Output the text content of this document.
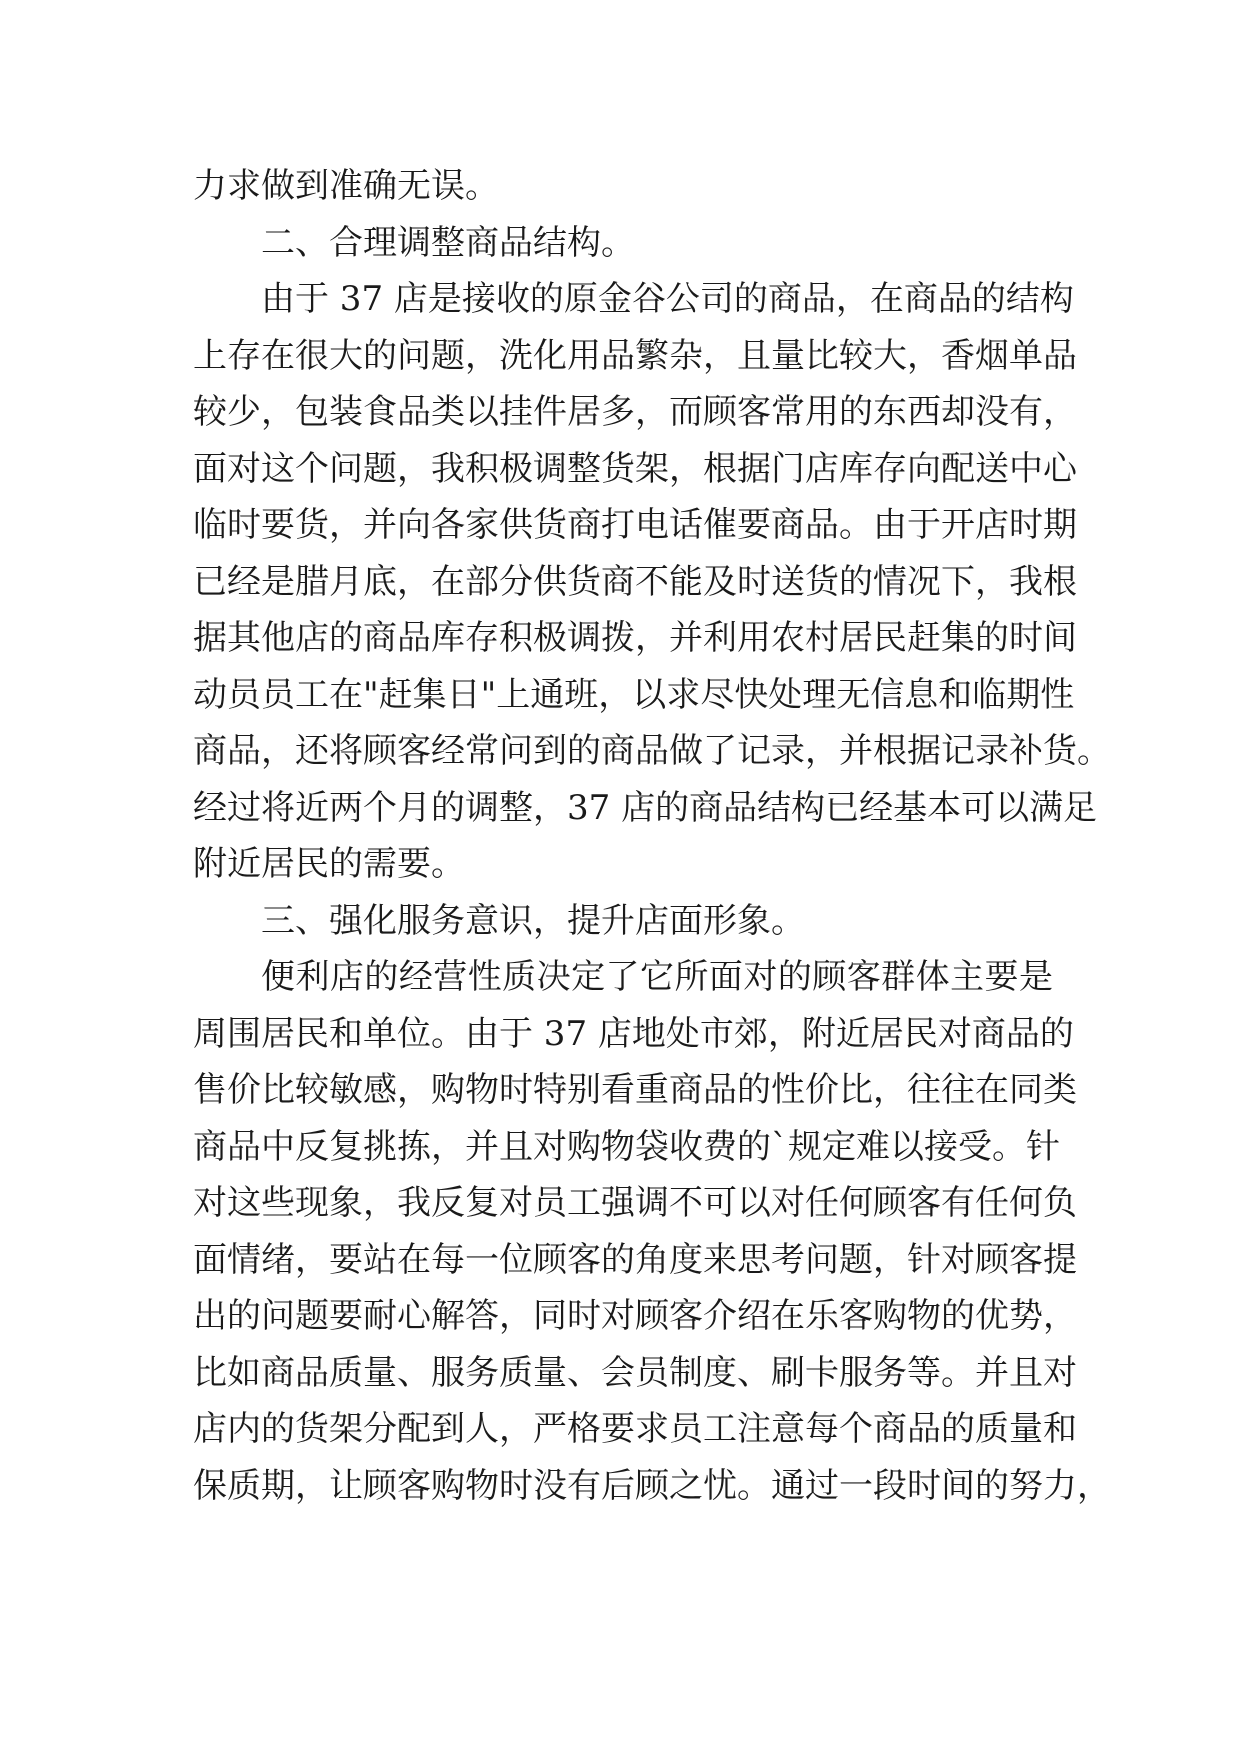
力求做到准确无误。
二、合理调整商品结构。
由于 37 店是接收的原金谷公司的商品，在商品的结构
上存在很大的问题，洗化用品繁杂，且量比较大，香烟单品
较少，包装食品类以挂件居多，而顾客常用的东西却没有，
面对这个问题，我积极调整货架，根据门店库存向配送中心
临时要货，并向各家供货商打电话催要商品。由于开店时期
已经是腊月底，在部分供货商不能及时送货的情况下，我根
据其他店的商品库存积极调拨，并利用农村居民赶集的时间
动员员工在"赶集日"上通班，以求尽快处理无信息和临期性
商品，还将顾客经常问到的商品做了记录，并根据记录补货。
经过将近两个月的调整，37 店的商品结构已经基本可以满足
附近居民的需要。
三、强化服务意识，提升店面形象。
便利店的经营性质决定了它所面对的顾客群体主要是
周围居民和单位。由于 37 店地处市郊，附近居民对商品的
售价比较敏感，购物时特别看重商品的性价比，往往在同类
商品中反复挑拣，并且对购物袋收费的`规定难以接受。针
对这些现象，我反复对员工强调不可以对任何顾客有任何负
面情绪，要站在每一位顾客的角度来思考问题，针对顾客提
出的问题要耐心解答，同时对顾客介绍在乐客购物的优势，
比如商品质量、服务质量、会员制度、刷卡服务等。并且对
店内的货架分配到人，严格要求员工注意每个商品的质量和
保质期，让顾客购物时没有后顾之忧。通过一段时间的努力，
